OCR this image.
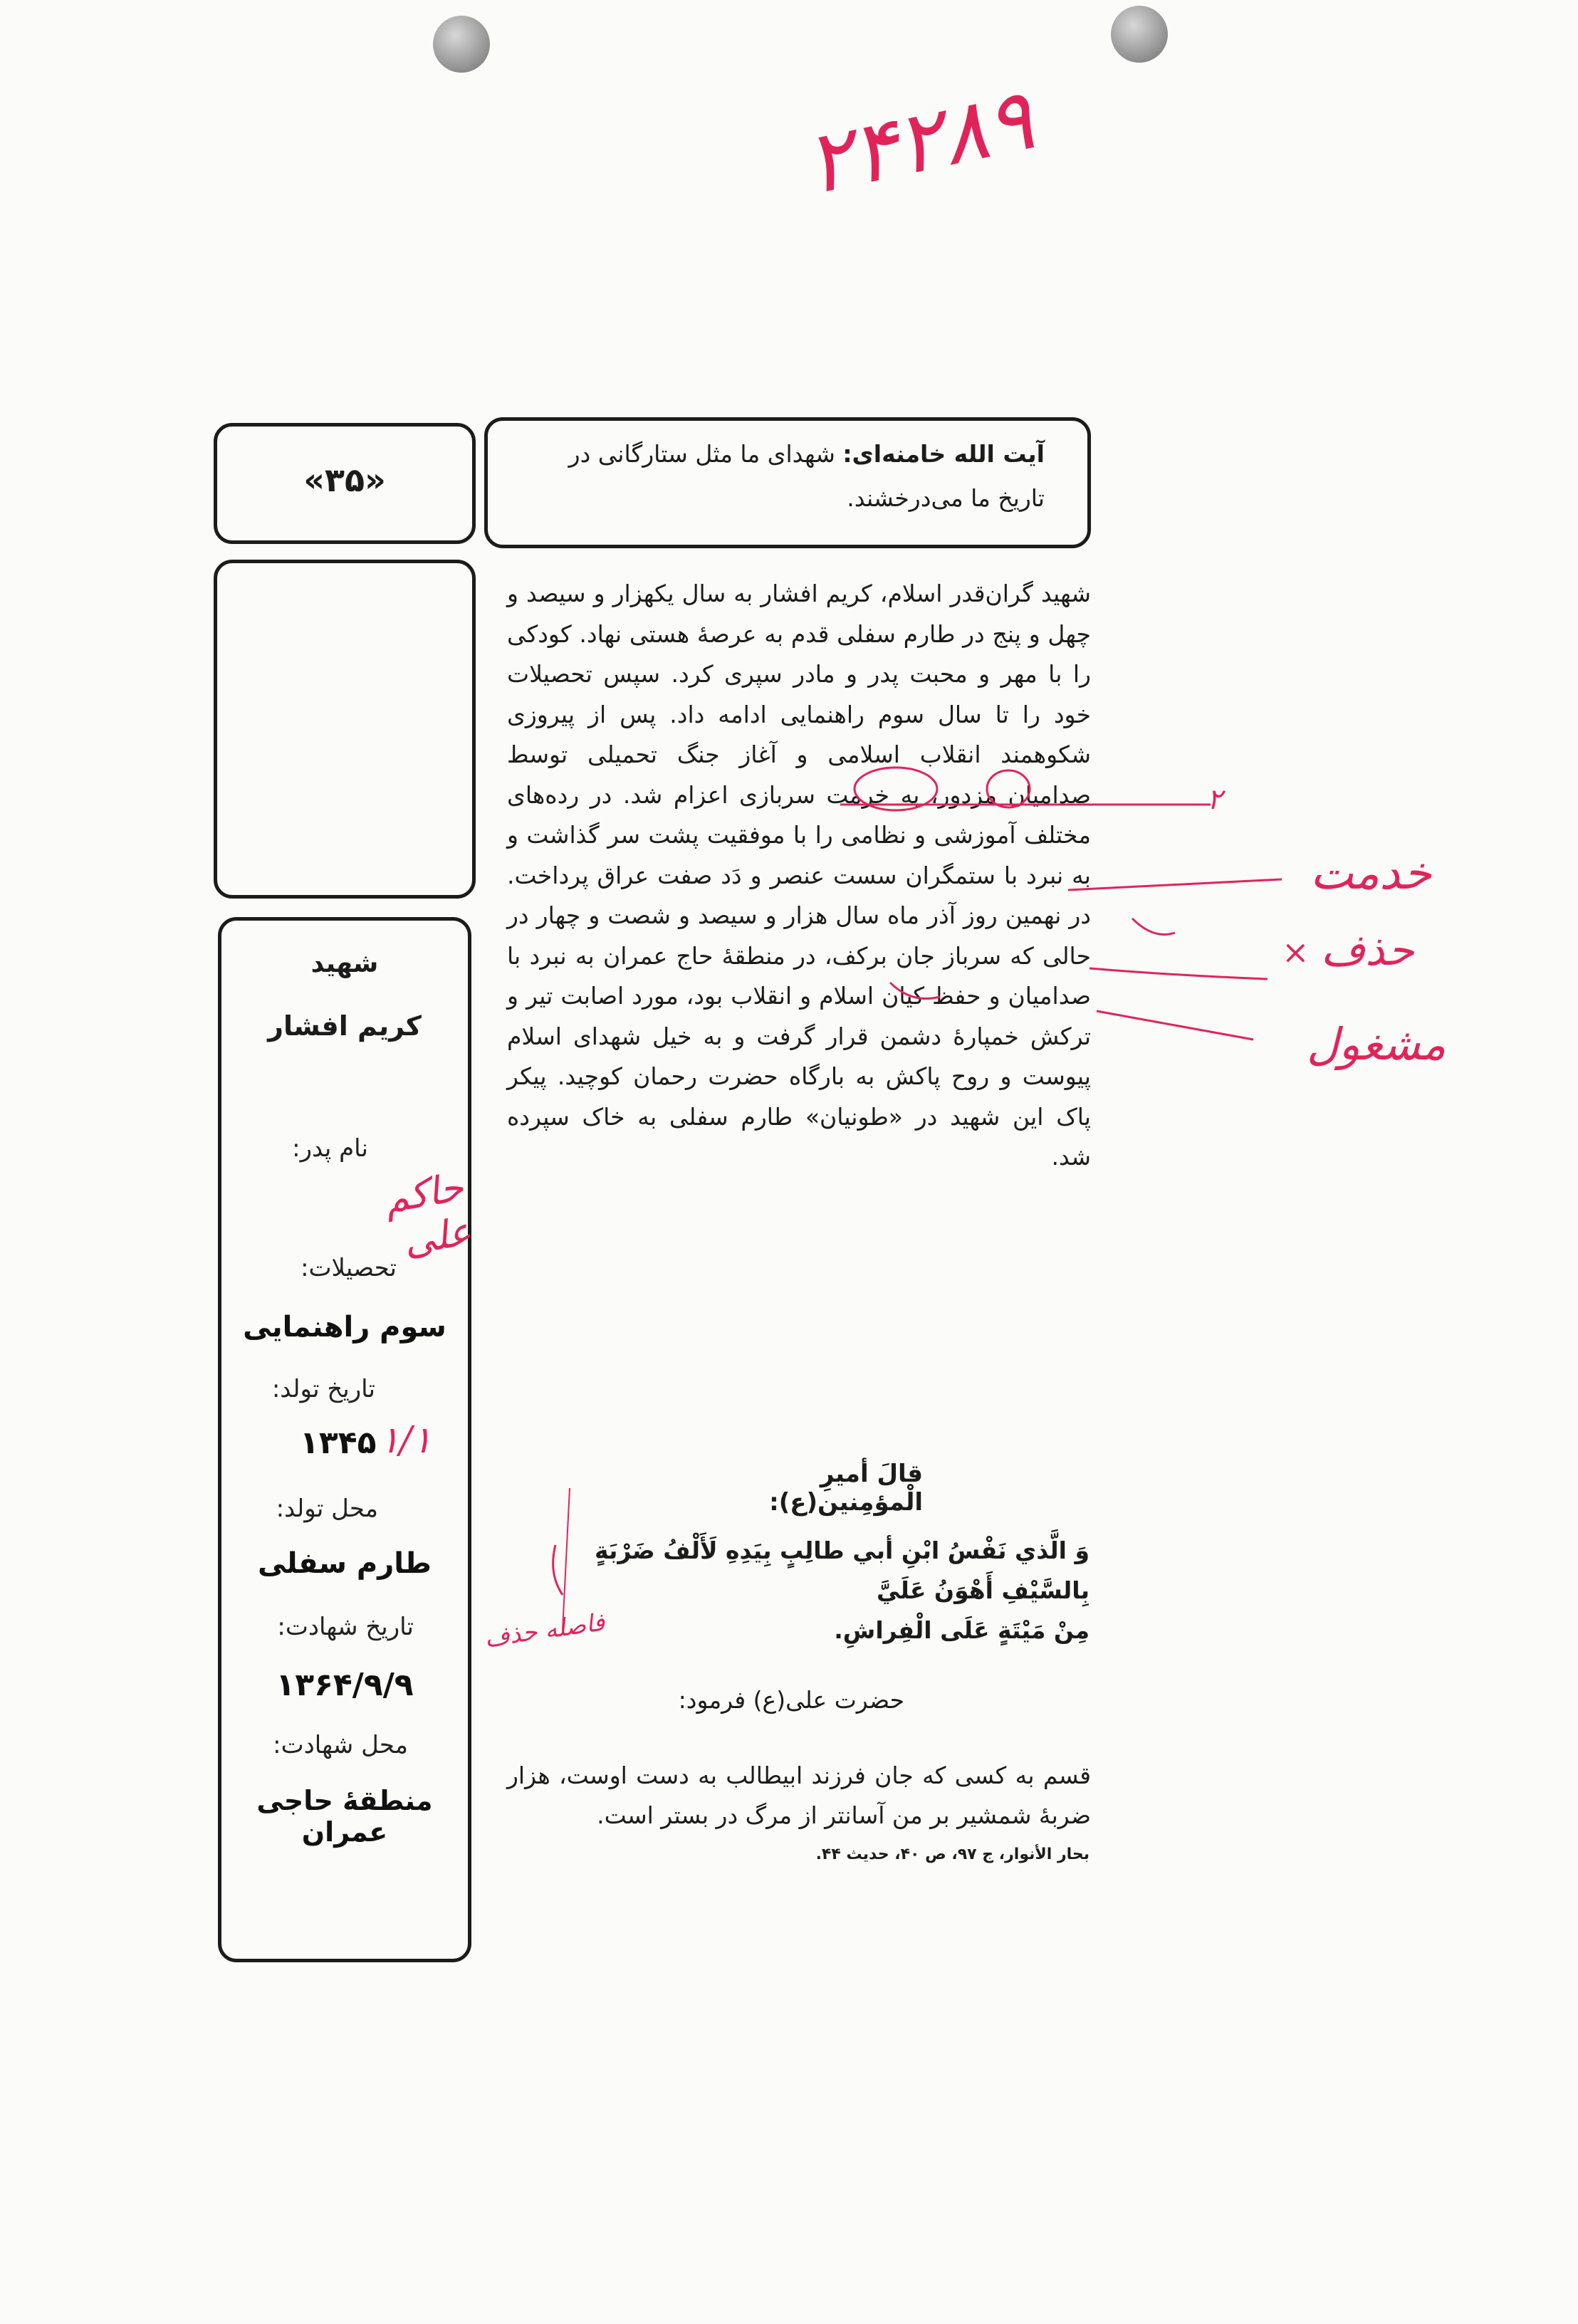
۲۴۲۸۹
«۳۵»
آیت الله خامنه‌ای: شهدای ما مثل ستارگانی در تاریخ ما می‌درخشند.

شهید گران‌قدر اسلام، کریم افشار به سال یکهزار و سیصد و چهل و پنج در طارم سفلی قدم به عرصهٔ هستی نهاد. کودکی را با مهر و محبت پدر و مادر سپری کرد. سپس تحصیلات خود را تا سال سوم راهنمایی ادامه داد. پس از پیروزی شکوهمند انقلاب اسلامی و آغاز جنگ تحمیلی توسط صدامیان مزدور، به خرمت سربازی اعزام شد. در رده‌های مختلف آموزشی و نظامی را با موفقیت پشت سر گذاشت و به نبرد با ستمگران سست عنصر و دَد صفت عراق پرداخت. در نهمین روز آذر ماه سال هزار و سیصد و شصت و چهار در حالی که سرباز جان برکف، در منطقهٔ حاج عمران به نبرد با صدامیان و حفظ کیان اسلام و انقلاب بود، مورد اصابت تیر و ترکش خمپارهٔ دشمن قرار گرفت و به خیل شهدای اسلام پیوست و روح پاکش به بارگاه حضرت رحمان کوچید. پیکر پاک این شهید در «طونیان» طارم سفلی به خاک سپرده شد.

۲
خدمت
حذف
×
مشغول
شهید
کریم افشار
نام پدر:
حاکم علی
تحصیلات:
سوم راهنمایی
تاریخ تولد:
۱۳۴۵ ۱/۱
محل تولد:
طارم سفلی
تاریخ شهادت:
۱۳۶۴/۹/۹
محل شهادت:
منطقهٔ حاجی عمران
قالَ أمیرِ الْمؤمِنین(ع):
وَ الَّذي نَفْسُ ابْنِ أبي طالِبٍ بِيَدِهِ لَأَلْفُ ضَرْبَةٍ بِالسَّيْفِ أَهْوَنُ عَلَيَّ
مِنْ مَيْتَةٍ عَلَى الْفِراشِ.
فاصله حذف
حضرت علی(ع) فرمود:
قسم به کسی که جان فرزند ابیطالب به دست اوست، هزار ضربهٔ شمشیر بر من آسانتر از مرگ در بستر است.
بحار الأنوار، ج ۹۷، ص ۴۰، حدیث ۴۴.
